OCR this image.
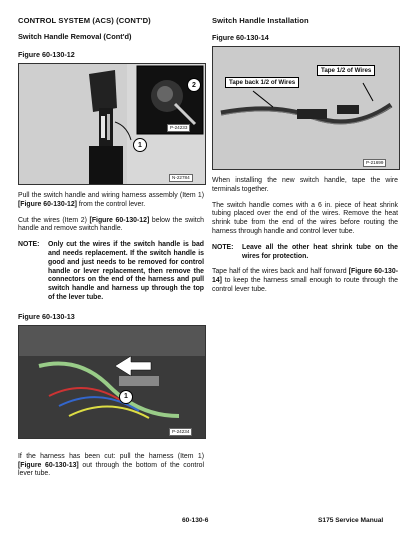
CONTROL SYSTEM (ACS) (CONT'D)
Switch Handle Removal (Cont'd)
Figure 60-130-12
2
1
P-24233
N-22784

Pull the switch handle and wiring harness assembly (Item 1) [Figure 60-130-12] from the control lever.

Cut the wires (Item 2) [Figure 60-130-12] below the switch handle and remove switch handle.

NOTE:	Only cut the wires if the switch handle is bad and needs replacement. If the switch handle is good and just needs to be removed for control handle or lever replacement, then remove the connectors on the end of the harness and pull switch handle and harness up through the top of the lever tube.
Figure 60-130-13
1
P-24234

If the harness has been cut: pull the harness (Item 1) [Figure 60-130-13] out through the bottom of the control lever tube.

Switch Handle Installation
Figure 60-130-14
Tape back 1/2 of Wires
Tape 1/2 of Wires
P-21699

When installing the new switch handle, tape the wire terminals together.

The switch handle comes with a 6 in. piece of heat shrink tubing placed over the end of the wires. Remove the heat shrink tube from the end of the wires before routing the harness through handle and control lever tube.

NOTE:	Leave all the other heat shrink tube on the wires for protection.

Tape half of the wires back and half forward [Figure 60-130-14] to keep the harness small enough to route through the control lever tube.

60-130-6	S175 Service Manual
